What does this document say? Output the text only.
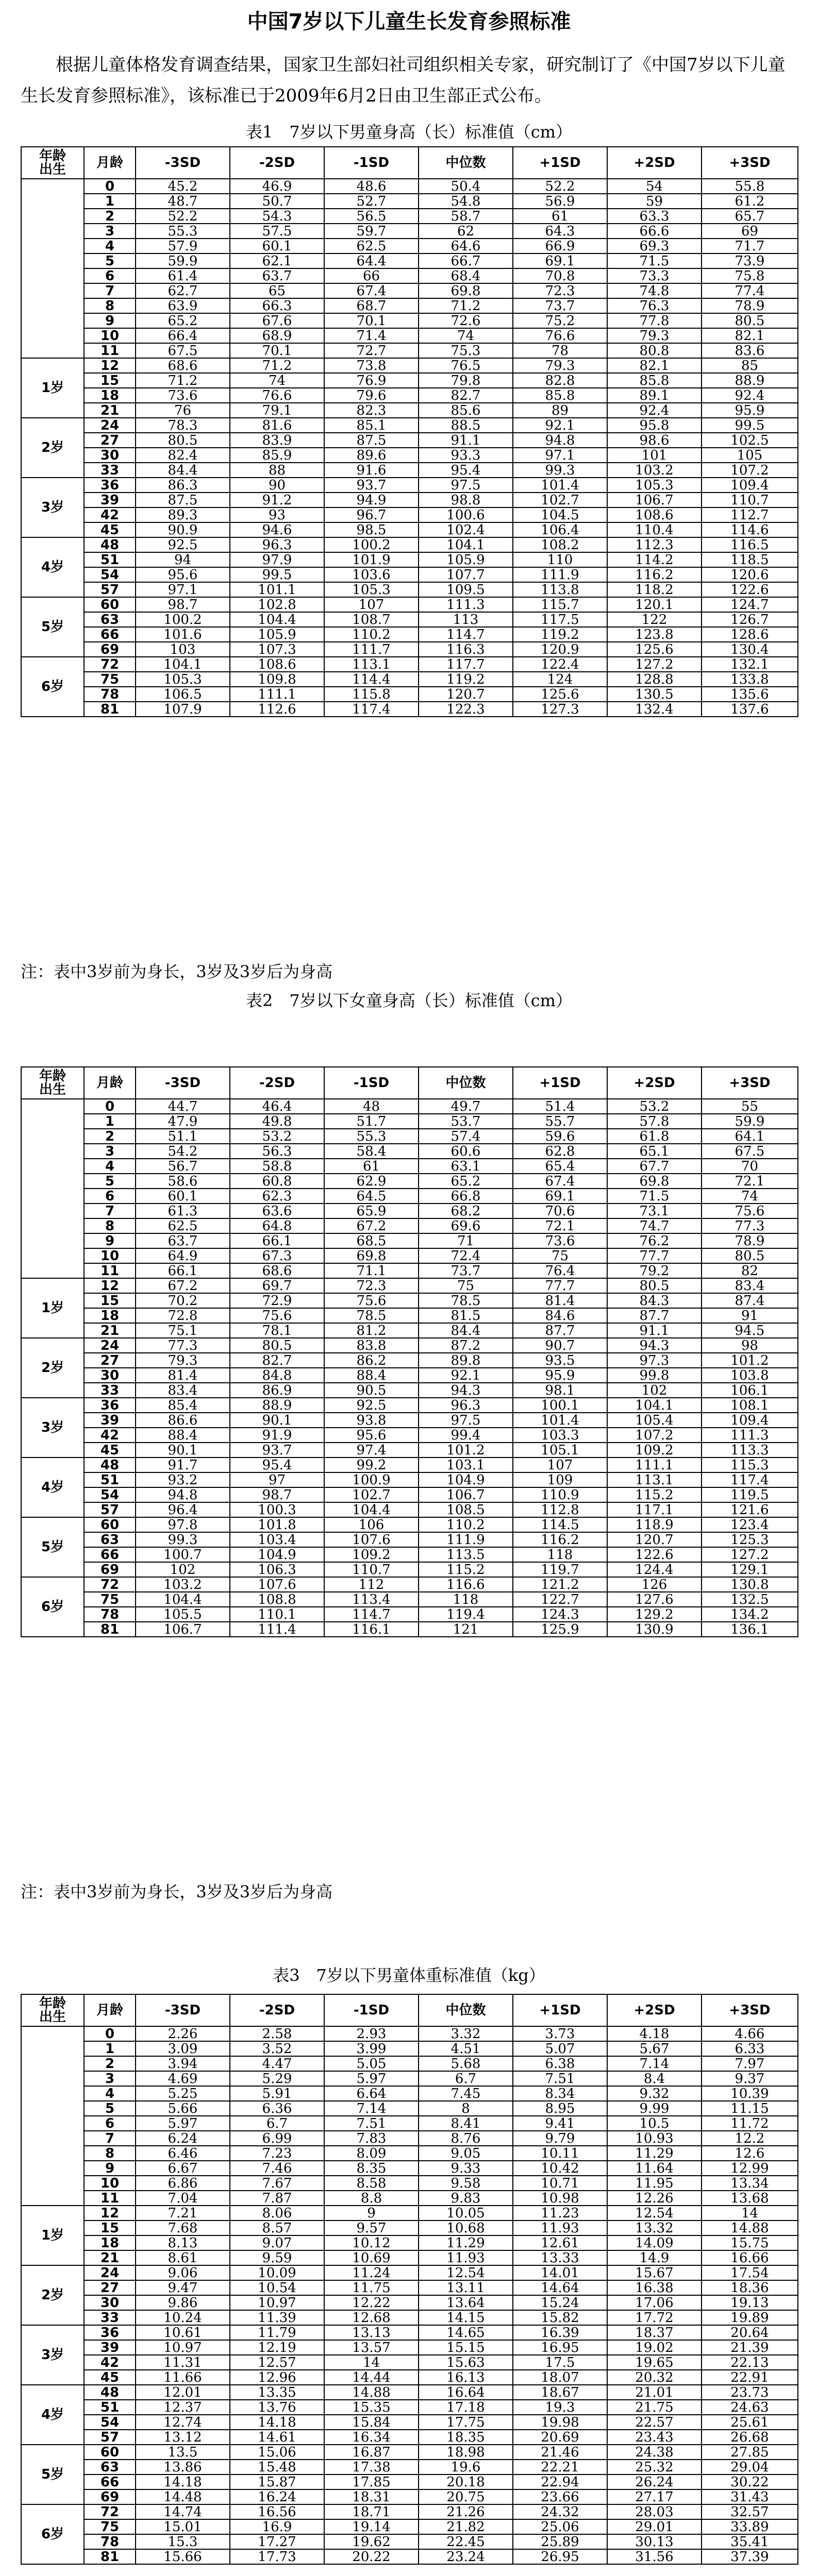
中国7岁以下儿童生长发育参照标准

根据儿童体格发育调查结果，国家卫生部妇社司组织相关专家，研究制订了《中国7岁以下儿童生长发育参照标准》，该标准已于2009年6月2日由卫生部正式公布。

表1　7岁以下男童身高（长）标准值（cm）
年龄
出生	月龄	-3SD	-2SD	-1SD	中位数	+1SD	+2SD	+3SD
	0	45.2	46.9	48.6	50.4	52.2	54	55.8
	1	48.7	50.7	52.7	54.8	56.9	59	61.2
	2	52.2	54.3	56.5	58.7	61	63.3	65.7
	3	55.3	57.5	59.7	62	64.3	66.6	69
	4	57.9	60.1	62.5	64.6	66.9	69.3	71.7
	5	59.9	62.1	64.4	66.7	69.1	71.5	73.9
	6	61.4	63.7	66	68.4	70.8	73.3	75.8
	7	62.7	65	67.4	69.8	72.3	74.8	77.4
	8	63.9	66.3	68.7	71.2	73.7	76.3	78.9
	9	65.2	67.6	70.1	72.6	75.2	77.8	80.5
	10	66.4	68.9	71.4	74	76.6	79.3	82.1
	11	67.5	70.1	72.7	75.3	78	80.8	83.6
1岁	12	68.6	71.2	73.8	76.5	79.3	82.1	85
	15	71.2	74	76.9	79.8	82.8	85.8	88.9
	18	73.6	76.6	79.6	82.7	85.8	89.1	92.4
	21	76	79.1	82.3	85.6	89	92.4	95.9
2岁	24	78.3	81.6	85.1	88.5	92.1	95.8	99.5
	27	80.5	83.9	87.5	91.1	94.8	98.6	102.5
	30	82.4	85.9	89.6	93.3	97.1	101	105
	33	84.4	88	91.6	95.4	99.3	103.2	107.2
3岁	36	86.3	90	93.7	97.5	101.4	105.3	109.4
	39	87.5	91.2	94.9	98.8	102.7	106.7	110.7
	42	89.3	93	96.7	100.6	104.5	108.6	112.7
	45	90.9	94.6	98.5	102.4	106.4	110.4	114.6
4岁	48	92.5	96.3	100.2	104.1	108.2	112.3	116.5
	51	94	97.9	101.9	105.9	110	114.2	118.5
	54	95.6	99.5	103.6	107.7	111.9	116.2	120.6
	57	97.1	101.1	105.3	109.5	113.8	118.2	122.6
5岁	60	98.7	102.8	107	111.3	115.7	120.1	124.7
	63	100.2	104.4	108.7	113	117.5	122	126.7
	66	101.6	105.9	110.2	114.7	119.2	123.8	128.6
	69	103	107.3	111.7	116.3	120.9	125.6	130.4
6岁	72	104.1	108.6	113.1	117.7	122.4	127.2	132.1
	75	105.3	109.8	114.4	119.2	124	128.8	133.8
	78	106.5	111.1	115.8	120.7	125.6	130.5	135.6
	81	107.9	112.6	117.4	122.3	127.3	132.4	137.6
注：表中3岁前为身长，3岁及3岁后为身高
表2　7岁以下女童身高（长）标准值（cm）
年龄
出生	月龄	-3SD	-2SD	-1SD	中位数	+1SD	+2SD	+3SD
	0	44.7	46.4	48	49.7	51.4	53.2	55
	1	47.9	49.8	51.7	53.7	55.7	57.8	59.9
	2	51.1	53.2	55.3	57.4	59.6	61.8	64.1
	3	54.2	56.3	58.4	60.6	62.8	65.1	67.5
	4	56.7	58.8	61	63.1	65.4	67.7	70
	5	58.6	60.8	62.9	65.2	67.4	69.8	72.1
	6	60.1	62.3	64.5	66.8	69.1	71.5	74
	7	61.3	63.6	65.9	68.2	70.6	73.1	75.6
	8	62.5	64.8	67.2	69.6	72.1	74.7	77.3
	9	63.7	66.1	68.5	71	73.6	76.2	78.9
	10	64.9	67.3	69.8	72.4	75	77.7	80.5
	11	66.1	68.6	71.1	73.7	76.4	79.2	82
1岁	12	67.2	69.7	72.3	75	77.7	80.5	83.4
	15	70.2	72.9	75.6	78.5	81.4	84.3	87.4
	18	72.8	75.6	78.5	81.5	84.6	87.7	91
	21	75.1	78.1	81.2	84.4	87.7	91.1	94.5
2岁	24	77.3	80.5	83.8	87.2	90.7	94.3	98
	27	79.3	82.7	86.2	89.8	93.5	97.3	101.2
	30	81.4	84.8	88.4	92.1	95.9	99.8	103.8
	33	83.4	86.9	90.5	94.3	98.1	102	106.1
3岁	36	85.4	88.9	92.5	96.3	100.1	104.1	108.1
	39	86.6	90.1	93.8	97.5	101.4	105.4	109.4
	42	88.4	91.9	95.6	99.4	103.3	107.2	111.3
	45	90.1	93.7	97.4	101.2	105.1	109.2	113.3
4岁	48	91.7	95.4	99.2	103.1	107	111.1	115.3
	51	93.2	97	100.9	104.9	109	113.1	117.4
	54	94.8	98.7	102.7	106.7	110.9	115.2	119.5
	57	96.4	100.3	104.4	108.5	112.8	117.1	121.6
5岁	60	97.8	101.8	106	110.2	114.5	118.9	123.4
	63	99.3	103.4	107.6	111.9	116.2	120.7	125.3
	66	100.7	104.9	109.2	113.5	118	122.6	127.2
	69	102	106.3	110.7	115.2	119.7	124.4	129.1
6岁	72	103.2	107.6	112	116.6	121.2	126	130.8
	75	104.4	108.8	113.4	118	122.7	127.6	132.5
	78	105.5	110.1	114.7	119.4	124.3	129.2	134.2
	81	106.7	111.4	116.1	121	125.9	130.9	136.1
注：表中3岁前为身长，3岁及3岁后为身高
表3　7岁以下男童体重标准值（kg）
年龄
出生	月龄	-3SD	-2SD	-1SD	中位数	+1SD	+2SD	+3SD
	0	2.26	2.58	2.93	3.32	3.73	4.18	4.66
	1	3.09	3.52	3.99	4.51	5.07	5.67	6.33
	2	3.94	4.47	5.05	5.68	6.38	7.14	7.97
	3	4.69	5.29	5.97	6.7	7.51	8.4	9.37
	4	5.25	5.91	6.64	7.45	8.34	9.32	10.39
	5	5.66	6.36	7.14	8	8.95	9.99	11.15
	6	5.97	6.7	7.51	8.41	9.41	10.5	11.72
	7	6.24	6.99	7.83	8.76	9.79	10.93	12.2
	8	6.46	7.23	8.09	9.05	10.11	11.29	12.6
	9	6.67	7.46	8.35	9.33	10.42	11.64	12.99
	10	6.86	7.67	8.58	9.58	10.71	11.95	13.34
	11	7.04	7.87	8.8	9.83	10.98	12.26	13.68
1岁	12	7.21	8.06	9	10.05	11.23	12.54	14
	15	7.68	8.57	9.57	10.68	11.93	13.32	14.88
	18	8.13	9.07	10.12	11.29	12.61	14.09	15.75
	21	8.61	9.59	10.69	11.93	13.33	14.9	16.66
2岁	24	9.06	10.09	11.24	12.54	14.01	15.67	17.54
	27	9.47	10.54	11.75	13.11	14.64	16.38	18.36
	30	9.86	10.97	12.22	13.64	15.24	17.06	19.13
	33	10.24	11.39	12.68	14.15	15.82	17.72	19.89
3岁	36	10.61	11.79	13.13	14.65	16.39	18.37	20.64
	39	10.97	12.19	13.57	15.15	16.95	19.02	21.39
	42	11.31	12.57	14	15.63	17.5	19.65	22.13
	45	11.66	12.96	14.44	16.13	18.07	20.32	22.91
4岁	48	12.01	13.35	14.88	16.64	18.67	21.01	23.73
	51	12.37	13.76	15.35	17.18	19.3	21.75	24.63
	54	12.74	14.18	15.84	17.75	19.98	22.57	25.61
	57	13.12	14.61	16.34	18.35	20.69	23.43	26.68
5岁	60	13.5	15.06	16.87	18.98	21.46	24.38	27.85
	63	13.86	15.48	17.38	19.6	22.21	25.32	29.04
	66	14.18	15.87	17.85	20.18	22.94	26.24	30.22
	69	14.48	16.24	18.31	20.75	23.66	27.17	31.43
6岁	72	14.74	16.56	18.71	21.26	24.32	28.03	32.57
	75	15.01	16.9	19.14	21.82	25.06	29.01	33.89
	78	15.3	17.27	19.62	22.45	25.89	30.13	35.41
	81	15.66	17.73	20.22	23.24	26.95	31.56	37.39
